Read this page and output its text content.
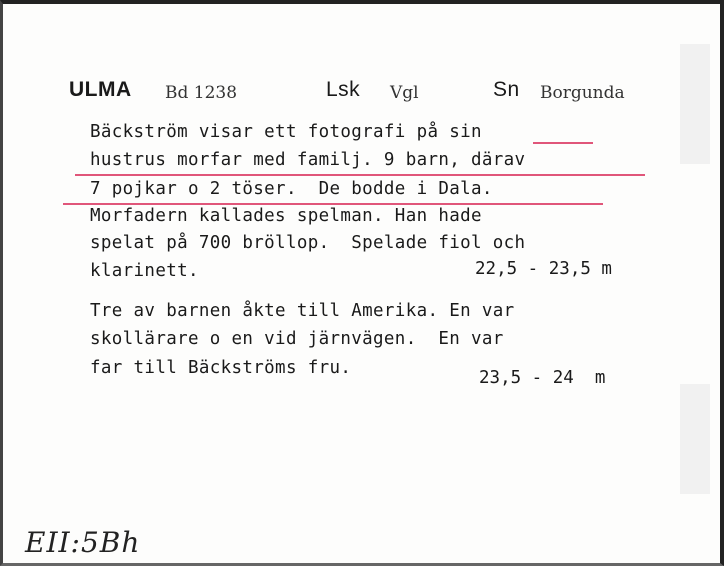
ULMA Bd 1238	Lsk Vgl	Sn Borgunda
Bäckström visar ett fotografi på sin
hustrus morfar med familj. 9 barn, därav
7 pojkar o 2 töser.  De bodde i Dala.
Morfadern kallades spelman. Han hade
spelat på 700 bröllop.  Spelade fiol och
klarinett.	22,5 - 23,5 m
Tre av barnen åkte till Amerika. En var
skollärare o en vid järnvägen.  En var
far till Bäckströms fru.	23,5 - 24  m
EII:5Bh
